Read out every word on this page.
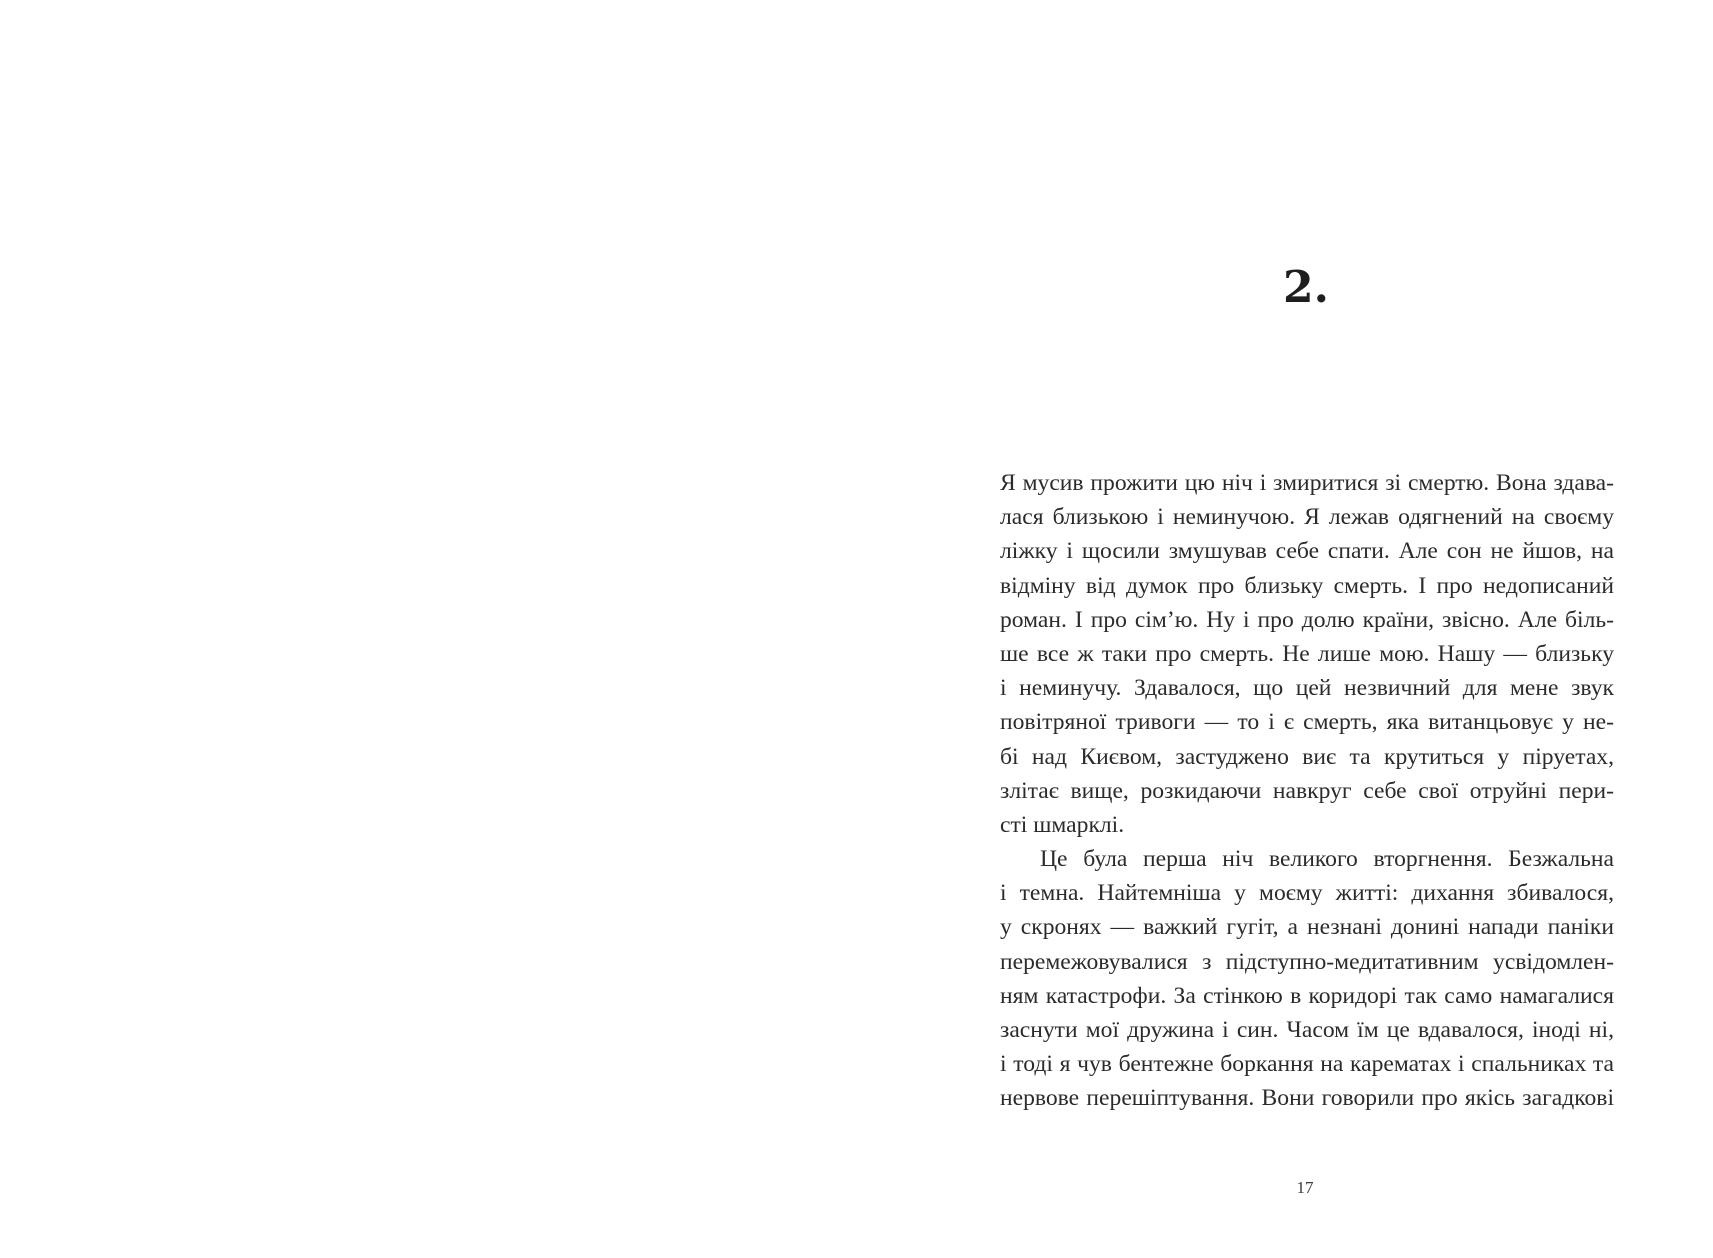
2.
Я мусив прожити цю ніч і змиритися зі смертю. Вона здава-
лася близькою і неминучою. Я лежав одягнений на своєму
ліжку і щосили змушував себе спати. Але сон не йшов, на
відміну від думок про близьку смерть. І про недописаний
роман. І про сім’ю. Ну і про долю країни, звісно. Але біль-
ше все ж таки про смерть. Не лише мою. Нашу — близьку
і неминучу. Здавалося, що цей незвичний для мене звук
повітряної тривоги — то і є смерть, яка витанцьовує у не-
бі над Києвом, застуджено виє та крутиться у піруетах,
злітає вище, розкидаючи навкруг себе свої отруйні пери-
сті шмарклі.
Це була перша ніч великого вторгнення. Безжальна
і темна. Найтемніша у моєму житті: дихання збивалося,
у скронях — важкий гугіт, а незнані донині напади паніки
перемежовувалися з підступно-медитативним усвідомлен-
ням катастрофи. За стінкою в коридорі так само намагалися
заснути мої дружина і син. Часом їм це вдавалося, іноді ні,
і тоді я чув бентежне боркання на карематах і спальниках та
нервове перешіптування. Вони говорили про якісь загадкові
17
